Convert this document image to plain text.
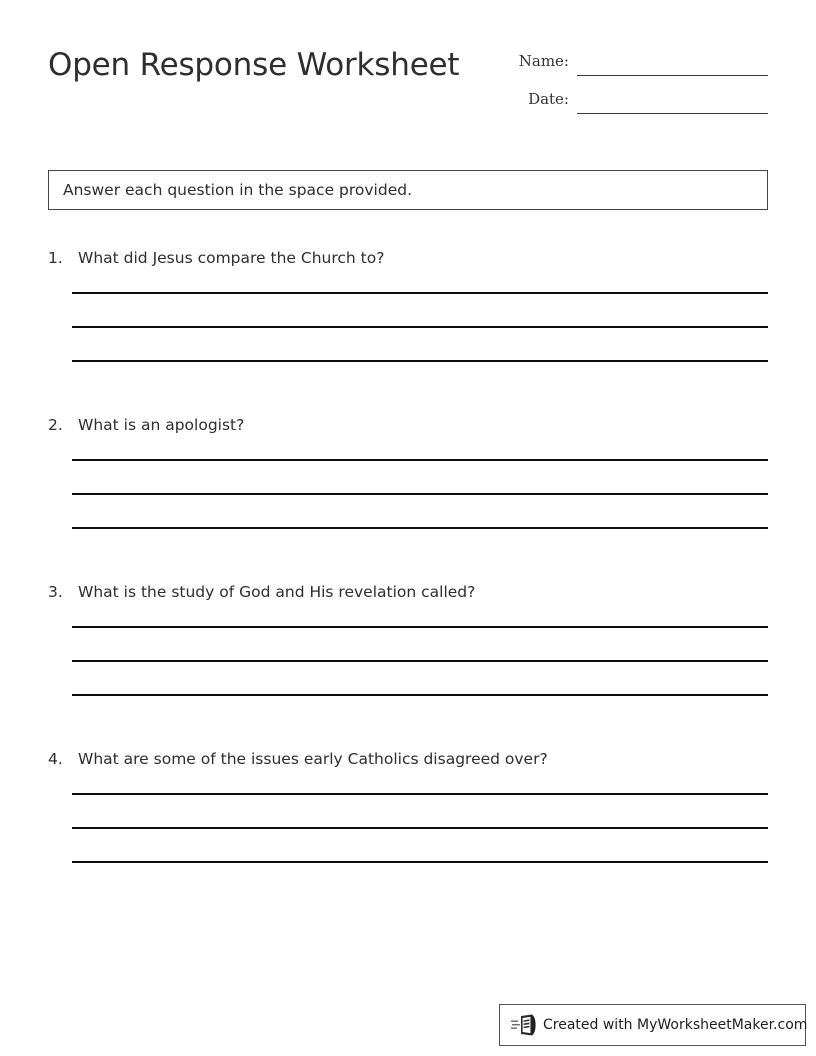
Open Response Worksheet	Name:
Date:
Answer each question in the space provided.
1. What did Jesus compare the Church to?
2. What is an apologist?
3. What is the study of God and His revelation called?
4. What are some of the issues early Catholics disagreed over?
Created with MyWorksheetMaker.com
